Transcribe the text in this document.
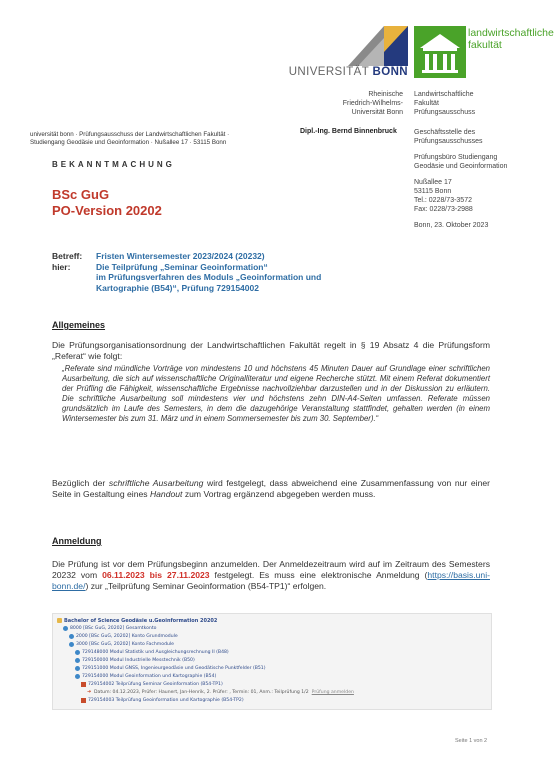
UNIVERSITÄT BONN
landwirtschaftliche
fakultät
Rheinische
Friedrich-Wilhelms-
Universität Bonn
Landwirtschaftliche
Fakultät
Prüfungsausschuss
universität bonn · Prüfungsausschuss der Landwirtschaftlichen Fakultät ·
Studiengang Geodäsie und Geoinformation · Nußallee 17 · 53115 Bonn
Dipl.-Ing. Bernd Binnenbruck Geschäftsstelle des
Prüfungsausschusses
Prüfungsbüro Studiengang
Geodäsie und Geoinformation
Nußallee 17
53115 Bonn
Tel.: 0228/73-3572
Fax: 0228/73-2988
Bonn, 23. Oktober 2023
BEKANNTMACHUNG
BSc GuG
PO-Version 20202
Betreff:	Fristen Wintersemester 2023/2024 (20232)
hier:	Die Teilprüfung „Seminar Geoinformation“
im Prüfungsverfahren des Moduls „Geoinformation und
Kartographie (B54)“, Prüfung 729154002
Allgemeines
Die Prüfungsorganisationsordnung der Landwirtschaftlichen Fakultät regelt in § 19 Absatz 4 die Prüfungsform „Referat“ wie folgt:
„Referate sind mündliche Vorträge von mindestens 10 und höchstens 45 Minuten Dauer auf Grundlage einer schriftlichen Ausarbeitung, die sich auf wissenschaftliche Originalliteratur und eigene Recherche stützt. Mit einem Referat dokumentiert der Prüfling die Fähigkeit, wissenschaftliche Ergebnisse nachvollziehbar darzustellen und in der Diskussion zu erläutern. Die schriftliche Ausarbeitung soll mindestens vier und höchstens zehn DIN-A4-Seiten umfassen. Referate müssen grundsätzlich im Laufe des Semesters, in dem die dazugehörige Veranstaltung stattfindet, gehalten werden (in einem Wintersemester bis zum 31. März und in einem Sommersemester bis zum 30. September).“
Bezüglich der schriftliche Ausarbeitung wird festgelegt, dass abweichend eine Zusammenfassung von nur einer Seite in Gestaltung eines Handout zum Vortrag ergänzend abgegeben werden muss.
Anmeldung
Die Prüfung ist vor dem Prüfungsbeginn anzumelden. Der Anmeldezeitraum wird auf im Zeitraum des Semesters 20232 vom 06.11.2023 bis 27.11.2023 festgelegt. Es muss eine elektronische Anmeldung (https://basis.uni-bonn.de/) zur „Teilprüfung Seminar Geoinformation (B54-TP1)“ erfolgen.
Bachelor of Science Geodäsie u.Geoinformation 20202
8000 [BSc GuG, 20202] Gesamtkonto
2000 [BSc GuG, 20202] Konto Grundmodule
3000 [BSc GuG, 20202] Konto Fachmodule
729148000 Modul Statistik und Ausgleichungsrechnung II (B48)
729150000 Modul Industrielle Messtechnik (B50)
729151000 Modul GNSS, Ingenieurgeodäsie und Geodätische Punktfelder (B51)
729154000 Modul Geoinformation und Kartographie (B54)
729154002 Teilprüfung Seminar Geoinformation (B54-TP1)
➜ Datum: 04.12.2023, Prüfer: Haunert, Jan-Henrik, 2. Prüfer: , Termin: 01, Anm.: Teilprüfung 1/2 Prüfung anmelden
729154003 Teilprüfung Geoinformation und Kartographie (B54-TP2)
Seite 1 von 2
